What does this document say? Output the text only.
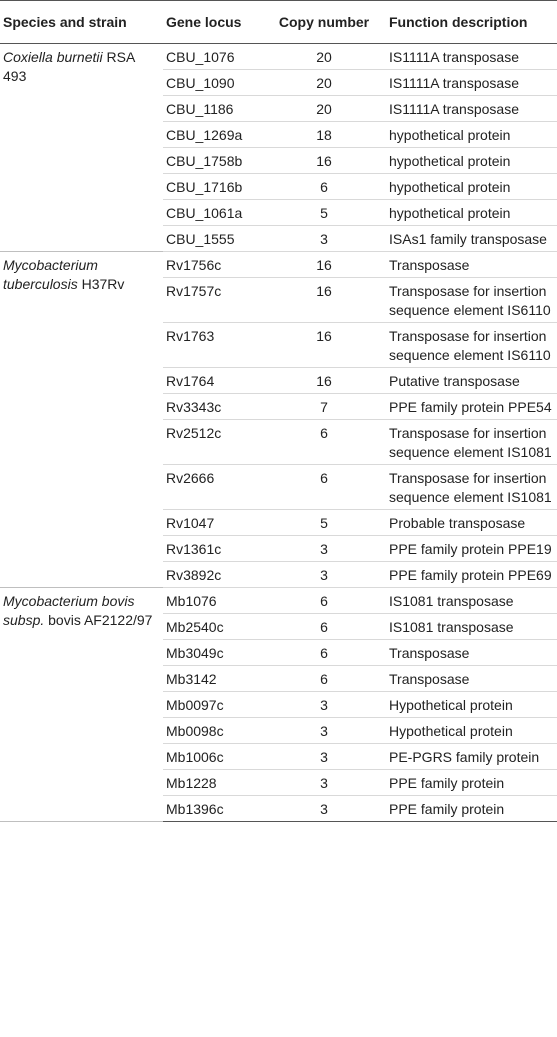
Species and strain	Gene locus	Copy number	Function description
Coxiella burnetii RSA 493	CBU_1076	20	IS1111A transposase
	CBU_1090	20	IS1111A transposase
	CBU_1186	20	IS1111A transposase
	CBU_1269a	18	hypothetical protein
	CBU_1758b	16	hypothetical protein
	CBU_1716b	6	hypothetical protein
	CBU_1061a	5	hypothetical protein
	CBU_1555	3	ISAs1 family transposase
Mycobacterium tuberculosis H37Rv	Rv1756c	16	Transposase
	Rv1757c	16	Transposase for insertion sequence element IS6110
	Rv1763	16	Transposase for insertion sequence element IS6110
	Rv1764	16	Putative transposase
	Rv3343c	7	PPE family protein PPE54
	Rv2512c	6	Transposase for insertion sequence element IS1081
	Rv2666	6	Transposase for insertion sequence element IS1081
	Rv1047	5	Probable transposase
	Rv1361c	3	PPE family protein PPE19
	Rv3892c	3	PPE family protein PPE69
Mycobacterium bovis subsp. bovis AF2122/97	Mb1076	6	IS1081 transposase
	Mb2540c	6	IS1081 transposase
	Mb3049c	6	Transposase
	Mb3142	6	Transposase
	Mb0097c	3	Hypothetical protein
	Mb0098c	3	Hypothetical protein
	Mb1006c	3	PE-PGRS family protein
	Mb1228	3	PPE family protein
	Mb1396c	3	PPE family protein
